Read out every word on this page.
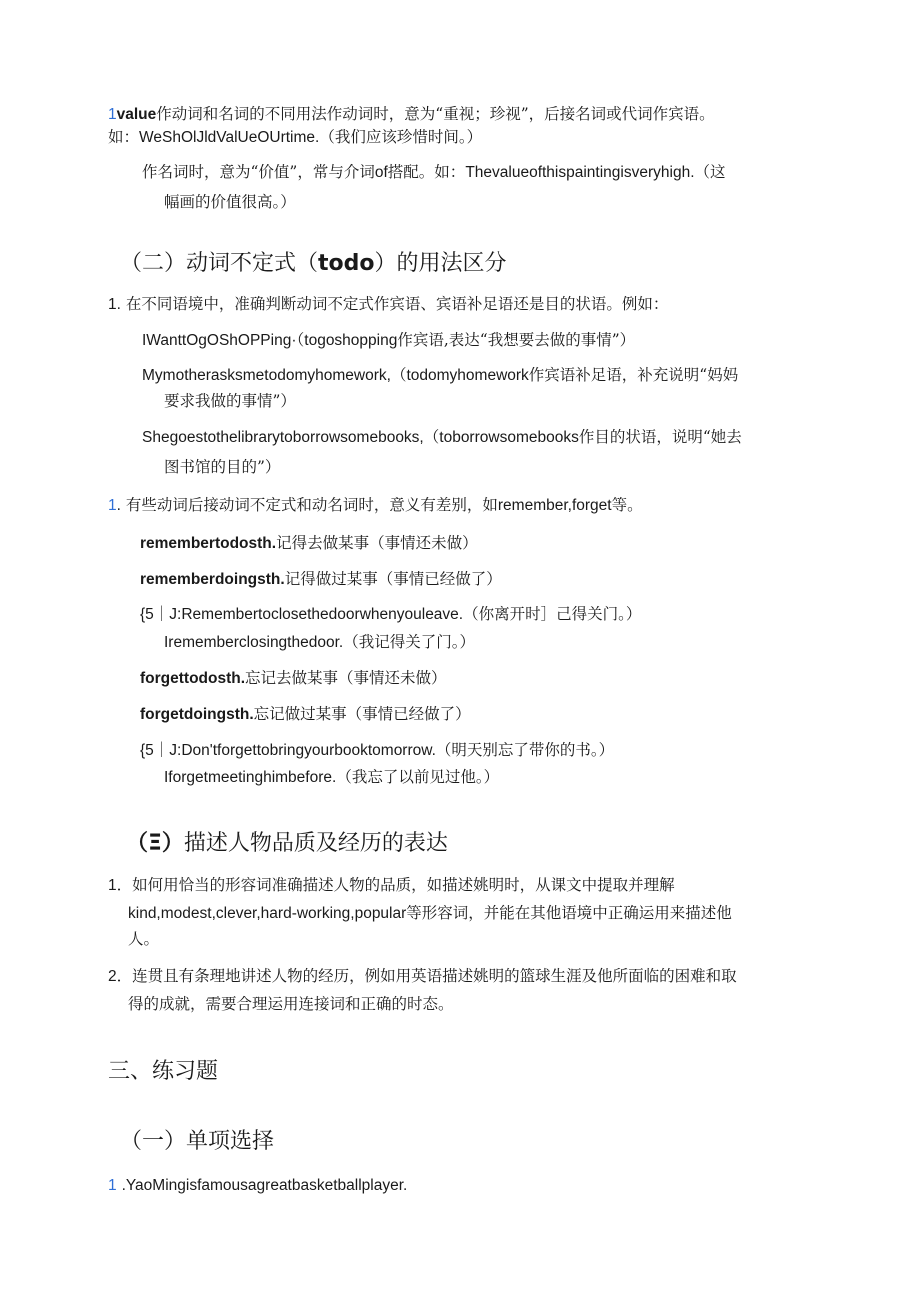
1value作动词和名词的不同用法作动词时，意为“重视；珍视”，后接名词或代词作宾语。
如：WeShOlJldValUeOUrtime.（我们应该珍惜时间。）
作名词时，意为“价值”，常与介词of搭配。如：Thevalueofthispaintingisveryhigh.（这
幅画的价值很高。）
（二）动词不定式（todo）的用法区分
1. 在不同语境中，准确判断动词不定式作宾语、宾语补足语还是目的状语。例如：
IWanttOgOShOPPing·（togoshopping作宾语,表达“我想要去做的事情”）
Mymotherasksmetodomyhomework,（todomyhomework作宾语补足语，补充说明“妈妈
要求我做的事情”）
Shegoestothelibrarytoborrowsomebooks,（toborrowsomebooks作目的状语，说明“她去
图书馆的目的”）
1. 有些动词后接动词不定式和动名词时，意义有差别，如remember,forget等。
remembertodosth.记得去做某事（事情还未做）
rememberdoingsth.记得做过某事（事情已经做了）
{5｜J:Remembertoclosethedoorwhenyouleave.（你离开时］己得关门。）
Irememberclosingthedoor.（我记得关了门。）
forgettodosth.忘记去做某事（事情还未做）
forgetdoingsth.忘记做过某事（事情已经做了）
{5｜J:Don'tforgettobringyourbooktomorrow.（明天别忘了带你的书。）
Iforgetmeetinghimbefore.（我忘了以前见过他。）
（Ξ）描述人物品质及经历的表达
1．如何用恰当的形容词准确描述人物的品质，如描述姚明时，从课文中提取并理解
kind,modest,clever,hard-working,popular等形容词，并能在其他语境中正确运用来描述他
人。
2．连贯且有条理地讲述人物的经历，例如用英语描述姚明的篮球生涯及他所面临的困难和取
得的成就，需要合理运用连接词和正确的时态。
三、练习题
（一）单项选择
1 .YaoMingisfamousagreatbasketballplayer.
